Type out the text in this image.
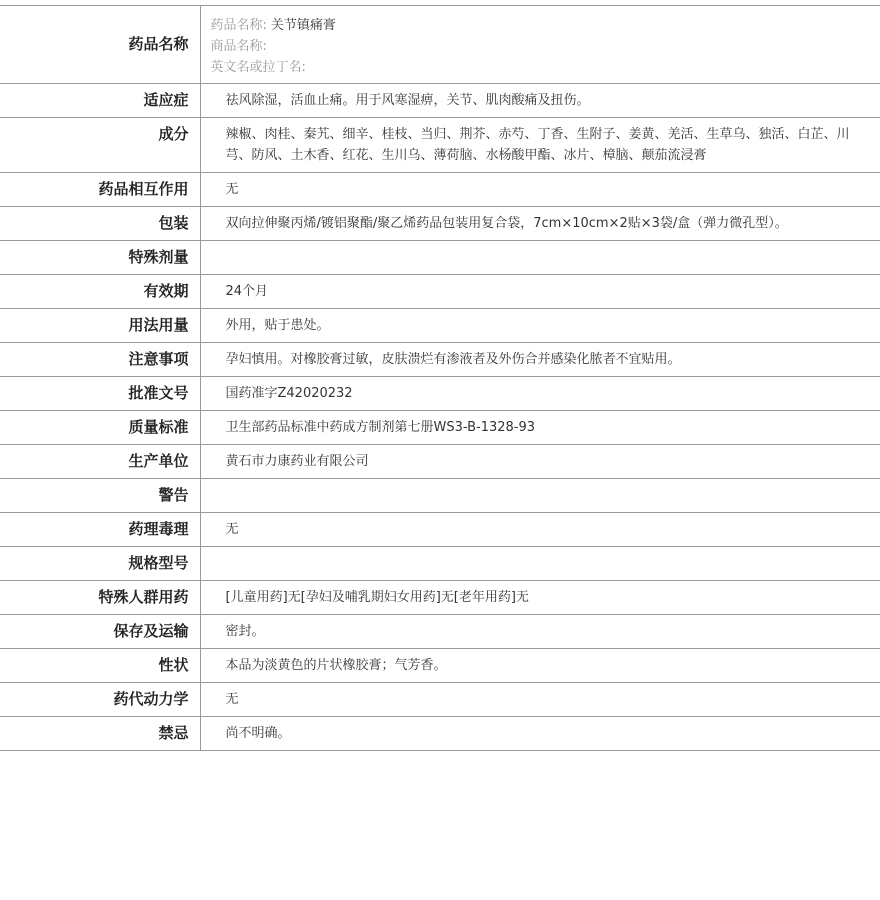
药品名称	药品名称: 关节镇痛膏
商品名称:
英文名或拉丁名:

适应症	祛风除湿，活血止痛。用于风寒湿痹，关节、肌肉酸痛及扭伤。
成分	辣椒、肉桂、秦艽、细辛、桂枝、当归、荆芥、赤芍、丁香、生附子、姜黄、羌活、生草乌、独活、白芷、川芎、防风、土木香、红花、生川乌、薄荷脑、水杨酸甲酯、冰片、樟脑、颠茄流浸膏
药品相互作用	无
包装	双向拉伸聚丙烯/镀铝聚酯/聚乙烯药品包装用复合袋，7cm×10cm×2贴×3袋/盒（弹力微孔型）。
特殊剂量	
有效期	24个月
用法用量	外用，贴于患处。
注意事项	孕妇慎用。对橡胶膏过敏，皮肤溃烂有渗液者及外伤合并感染化脓者不宜贴用。
批准文号	国药准字Z42020232
质量标准	卫生部药品标准中药成方制剂第七册WS3-B-1328-93
生产单位	黄石市力康药业有限公司
警告	
药理毒理	无
规格型号	
特殊人群用药	[儿童用药]无[孕妇及哺乳期妇女用药]无[老年用药]无
保存及运输	密封。
性状	本品为淡黄色的片状橡胶膏；气芳香。
药代动力学	无
禁忌	尚不明确。
